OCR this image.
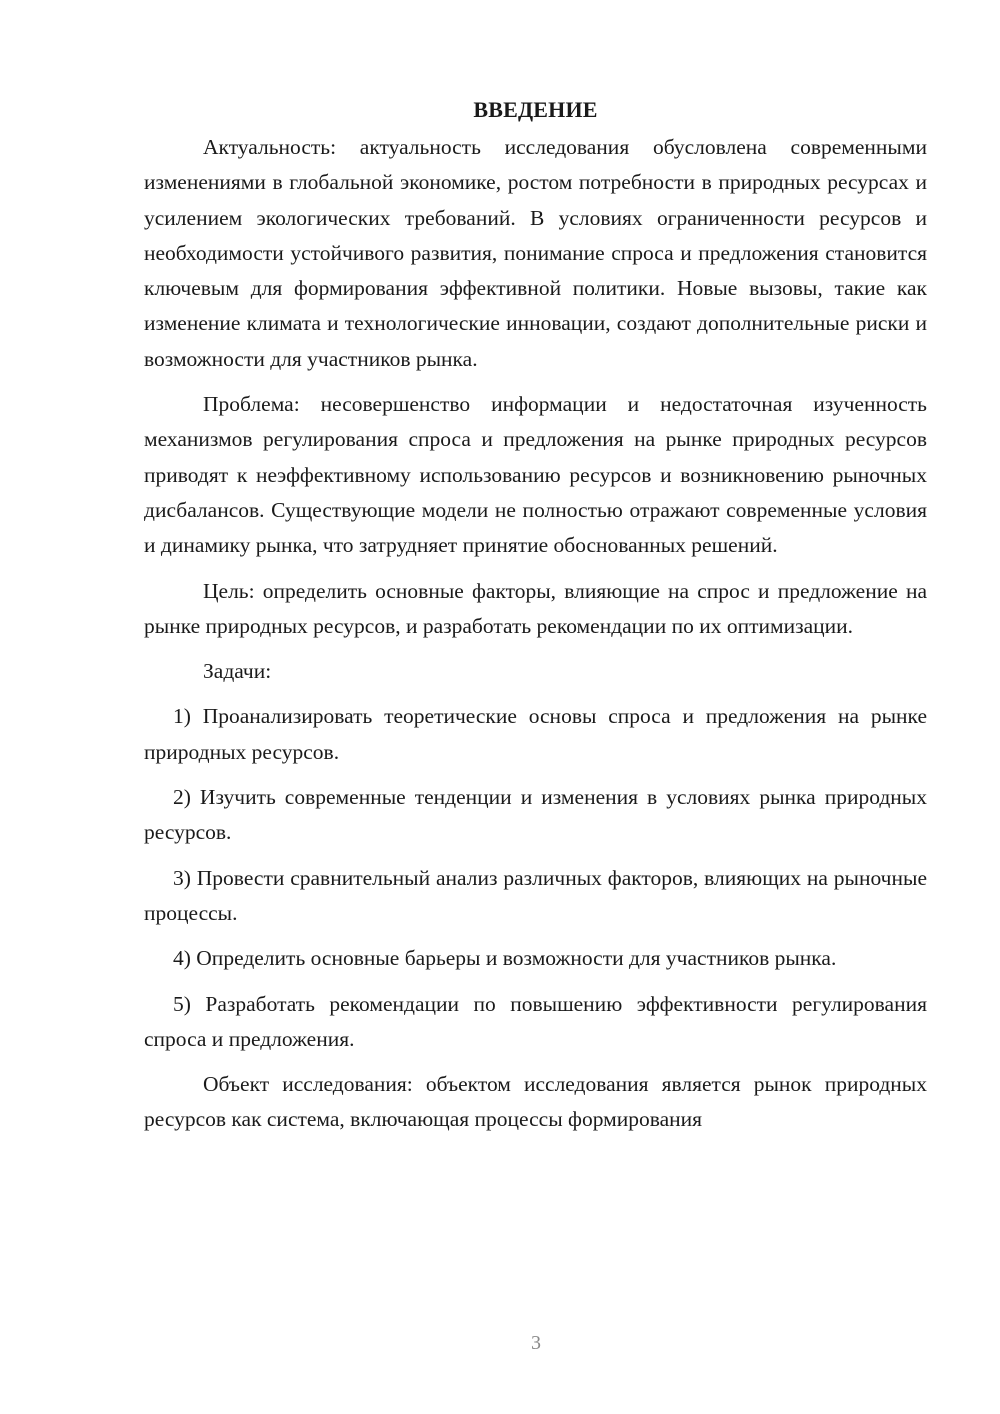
ВВЕДЕНИЕ

Актуальность: актуальность исследования обусловлена современными изменениями в глобальной экономике, ростом потребности в природных ресурсах и усилением экологических требований. В условиях ограниченности ресурсов и необходимости устойчивого развития, понимание спроса и предложения становится ключевым для формирования эффективной политики. Новые вызовы, такие как изменение климата и технологические инновации, создают дополнительные риски и возможности для участников рынка.

Проблема: несовершенство информации и недостаточная изученность механизмов регулирования спроса и предложения на рынке природных ресурсов приводят к неэффективному использованию ресурсов и возникновению рыночных дисбалансов. Существующие модели не полностью отражают современные условия и динамику рынка, что затрудняет принятие обоснованных решений.

Цель: определить основные факторы, влияющие на спрос и предложение на рынке природных ресурсов, и разработать рекомендации по их оптимизации.

Задачи:

1) Проанализировать теоретические основы спроса и предложения на рынке природных ресурсов.

2) Изучить современные тенденции и изменения в условиях рынка природных ресурсов.

3) Провести сравнительный анализ различных факторов, влияющих на рыночные процессы.

4) Определить основные барьеры и возможности для участников рынка.

5) Разработать рекомендации по повышению эффективности регулирования спроса и предложения.

Объект исследования: объектом исследования является рынок природных ресурсов как система, включающая процессы формирования

3
